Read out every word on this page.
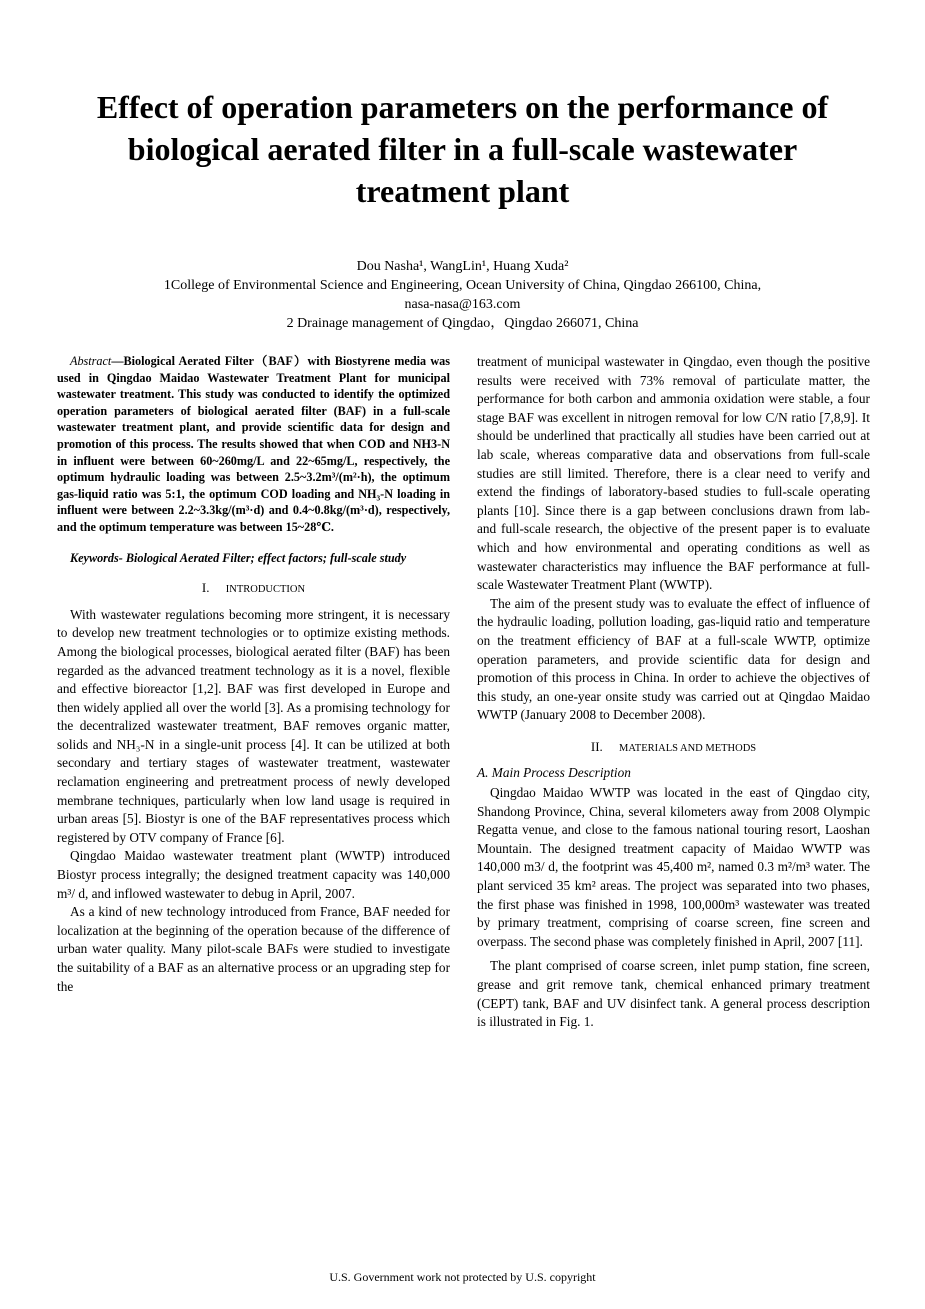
Effect of operation parameters on the performance of biological aerated filter in a full-scale wastewater treatment plant
Dou Nasha¹, WangLin¹, Huang Xuda²
1College of Environmental Science and Engineering, Ocean University of China, Qingdao 266100, China,
nasa-nasa@163.com
2 Drainage management of Qingdao，Qingdao 266071, China

Abstract—Biological Aerated Filter（BAF）with Biostyrene media was used in Qingdao Maidao Wastewater Treatment Plant for municipal wastewater treatment. This study was conducted to identify the optimized operation parameters of biological aerated filter (BAF) in a full-scale wastewater treatment plant, and provide scientific data for design and promotion of this process. The results showed that when COD and NH3-N in influent were between 60~260mg/L and 22~65mg/L, respectively, the optimum hydraulic loading was between 2.5~3.2m³/(m²·h), the optimum gas-liquid ratio was 5:1, the optimum COD loading and NH₃-N loading in influent were between 2.2~3.3kg/(m³·d) and 0.4~0.8kg/(m³·d), respectively, and the optimum temperature was between 15~28℃.

Keywords- Biological Aerated Filter; effect factors; full-scale study

I. INTRODUCTION

With wastewater regulations becoming more stringent, it is necessary to develop new treatment technologies or to optimize existing methods. Among the biological processes, biological aerated filter (BAF) has been regarded as the advanced treatment technology as it is a novel, flexible and effective bioreactor [1,2]. BAF was first developed in Europe and then widely applied all over the world [3]. As a promising technology for the decentralized wastewater treatment, BAF removes organic matter, solids and NH₃-N in a single-unit process [4]. It can be utilized at both secondary and tertiary stages of wastewater treatment, wastewater reclamation engineering and pretreatment process of newly developed membrane techniques, particularly when low land usage is required in urban areas [5]. Biostyr is one of the BAF representatives process which registered by OTV company of France [6].

Qingdao Maidao wastewater treatment plant (WWTP) introduced Biostyr process integrally; the designed treatment capacity was 140,000 m³/ d, and inflowed wastewater to debug in April, 2007.

As a kind of new technology introduced from France, BAF needed for localization at the beginning of the operation because of the difference of urban water quality. Many pilot-scale BAFs were studied to investigate the suitability of a BAF as an alternative process or an upgrading step for the

treatment of municipal wastewater in Qingdao, even though the positive results were received with 73% removal of particulate matter, the performance for both carbon and ammonia oxidation were stable, a four stage BAF was excellent in nitrogen removal for low C/N ratio [7,8,9]. It should be underlined that practically all studies have been carried out at lab scale, whereas comparative data and observations from full-scale studies are still limited. Therefore, there is a clear need to verify and extend the findings of laboratory-based studies to full-scale operating plants [10]. Since there is a gap between conclusions drawn from lab- and full-scale research, the objective of the present paper is to evaluate which and how environmental and operating conditions as well as wastewater characteristics may influence the BAF performance at full-scale Wastewater Treatment Plant (WWTP).

The aim of the present study was to evaluate the effect of influence of the hydraulic loading, pollution loading, gas-liquid ratio and temperature on the treatment efficiency of BAF at a full-scale WWTP, optimize operation parameters, and provide scientific data for design and promotion of this process in China. In order to achieve the objectives of this study, an one-year onsite study was carried out at Qingdao Maidao WWTP (January 2008 to December 2008).

II. MATERIALS AND METHODS
A. Main Process Description

Qingdao Maidao WWTP was located in the east of Qingdao city, Shandong Province, China, several kilometers away from 2008 Olympic Regatta venue, and close to the famous national touring resort, Laoshan Mountain. The designed treatment capacity of Maidao WWTP was 140,000 m3/ d, the footprint was 45,400 m², named 0.3 m²/m³ water. The plant serviced 35 km² areas. The project was separated into two phases, the first phase was finished in 1998, 100,000m³ wastewater was treated by primary treatment, comprising of coarse screen, fine screen and overpass. The second phase was completely finished in April, 2007 [11].

The plant comprised of coarse screen, inlet pump station, fine screen, grease and grit remove tank, chemical enhanced primary treatment (CEPT) tank, BAF and UV disinfect tank. A general process description is illustrated in Fig. 1.

U.S. Government work not protected by U.S. copyright
